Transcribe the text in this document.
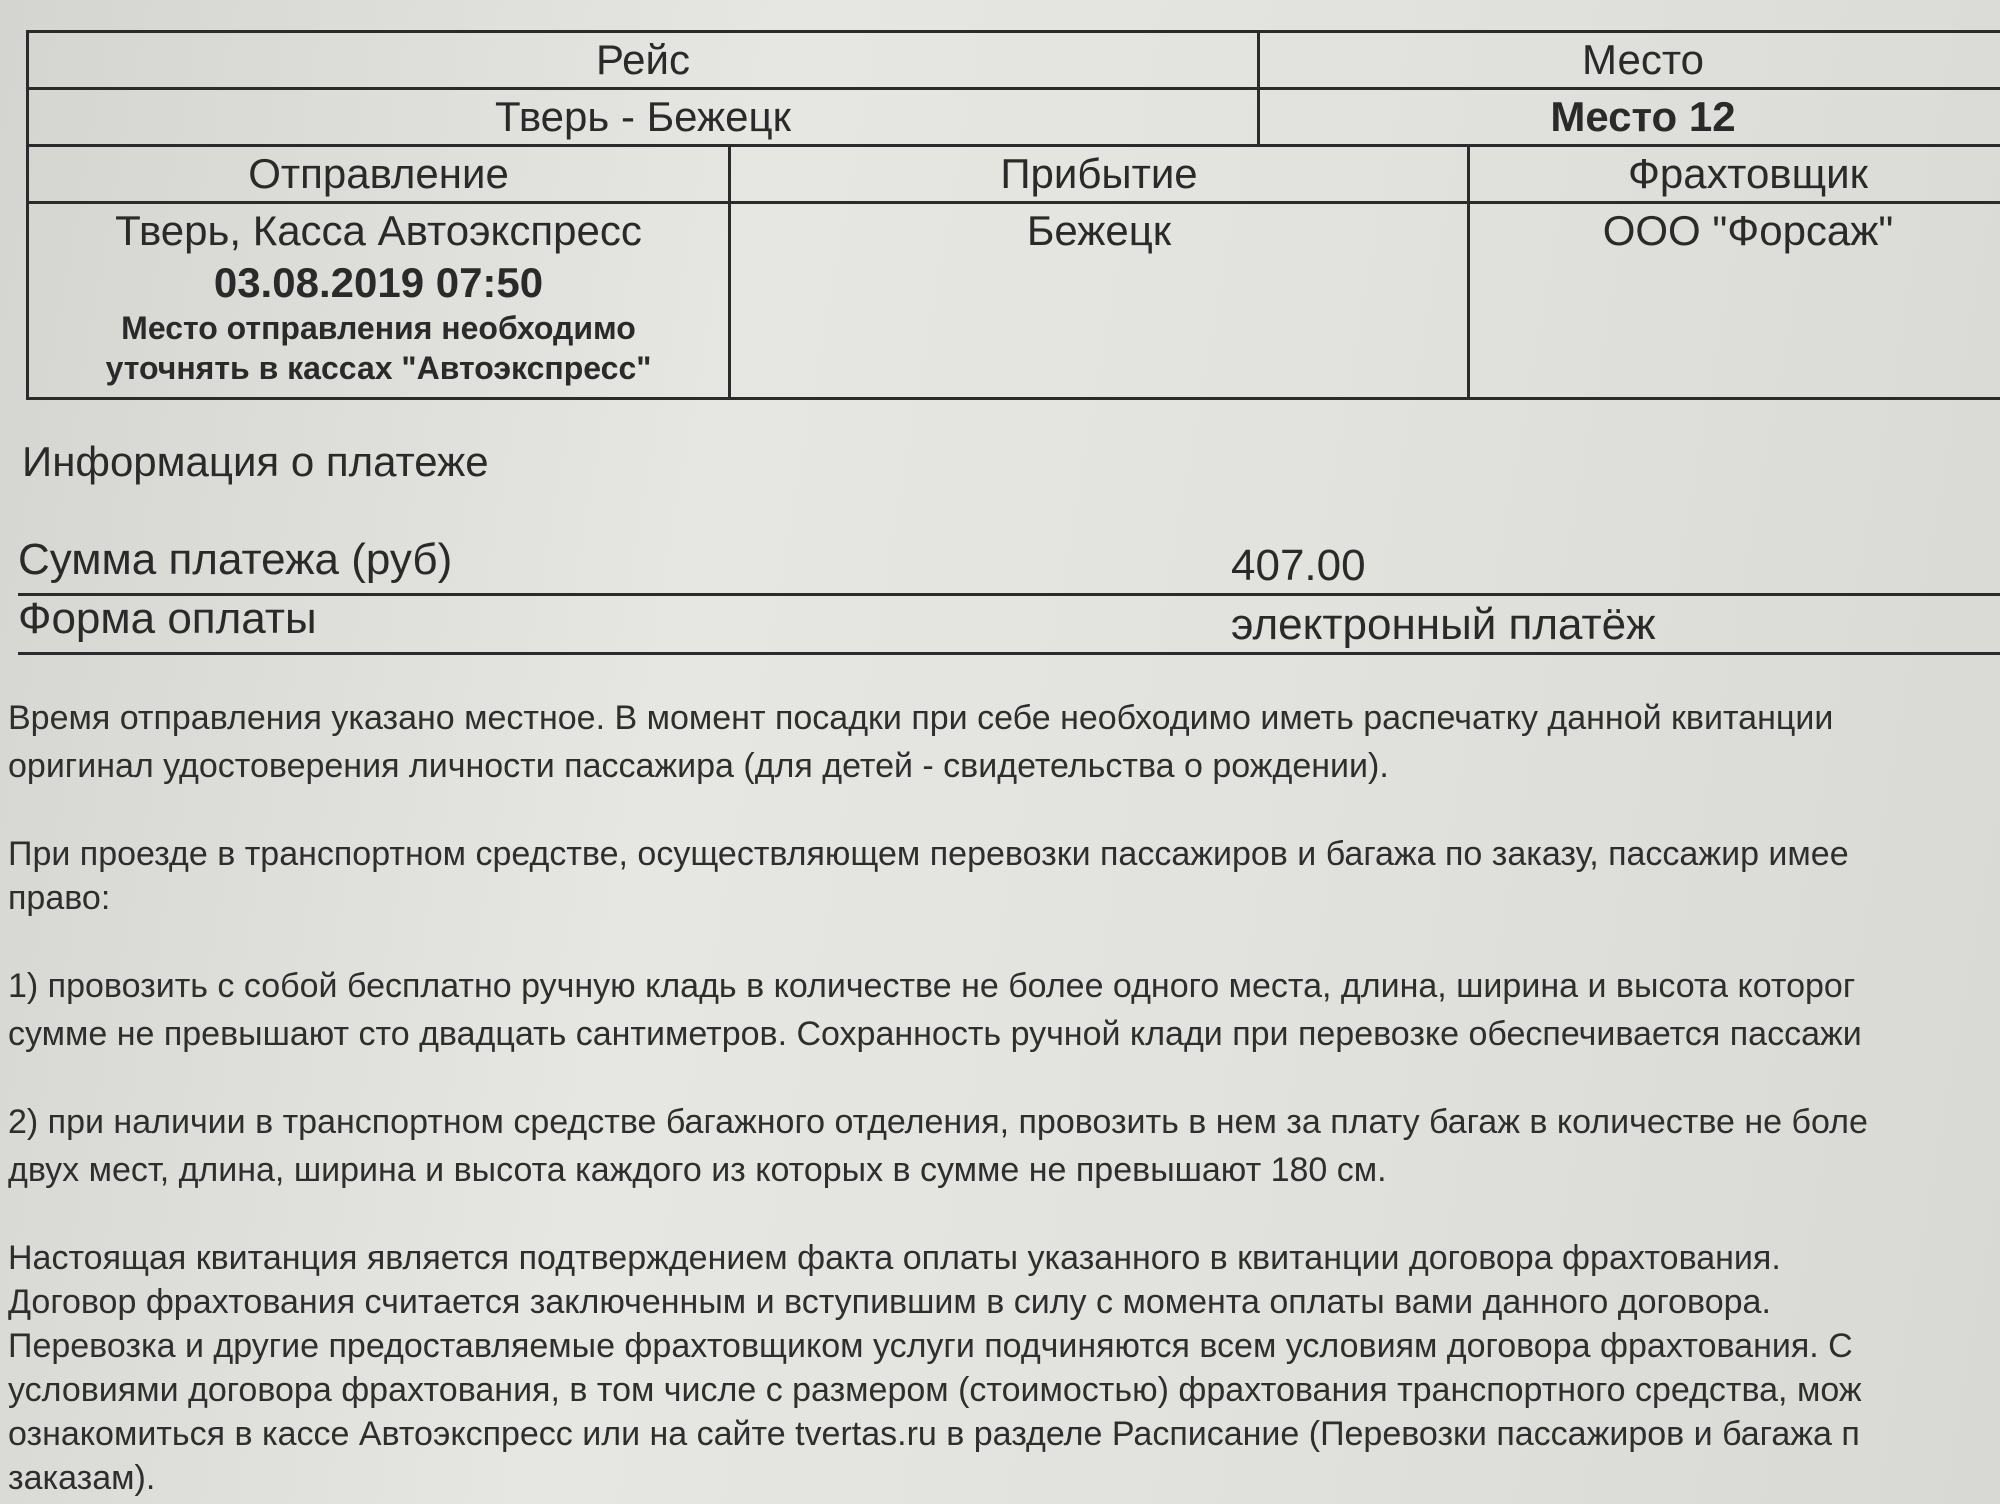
Рейс		Место	
Тверь - Бежецк		Место 12	
Отправление	Прибытие		Фрахтовщик

Тверь, Касса Автоэкспресс
03.08.2019 07:50
Место отправления необходимо
уточнять в кассах "Автоэкспресс"	Бежецк		ООО "Форсаж"
Информация о платеже
Сумма платежа (руб)	407.00
Форма оплаты	электронный платёж
Время отправления указано местное. В момент посадки при себе необходимо иметь распечатку данной квитанции
оригинал удостоверения личности пассажира (для детей - свидетельства о рождении).
При проезде в транспортном средстве, осуществляющем перевозки пассажиров и багажа по заказу, пассажир имее
право:
1) провозить с собой бесплатно ручную кладь в количестве не более одного места, длина, ширина и высота которог
сумме не превышают сто двадцать сантиметров. Сохранность ручной клади при перевозке обеспечивается пассажи
2) при наличии в транспортном средстве багажного отделения, провозить в нем за плату багаж в количестве не боле
двух мест, длина, ширина и высота каждого из которых в сумме не превышают 180 см.
Настоящая квитанция является подтверждением факта оплаты указанного в квитанции договора фрахтования.
Договор фрахтования считается заключенным и вступившим в силу с момента оплаты вами данного договора.
Перевозка и другие предоставляемые фрахтовщиком услуги подчиняются всем условиям договора фрахтования. С
условиями договора фрахтования, в том числе с размером (стоимостью) фрахтования транспортного средства, мож
ознакомиться в кассе Автоэкспресс или на сайте tvertas.ru в разделе Расписание (Перевозки пассажиров и багажа п
заказам).
